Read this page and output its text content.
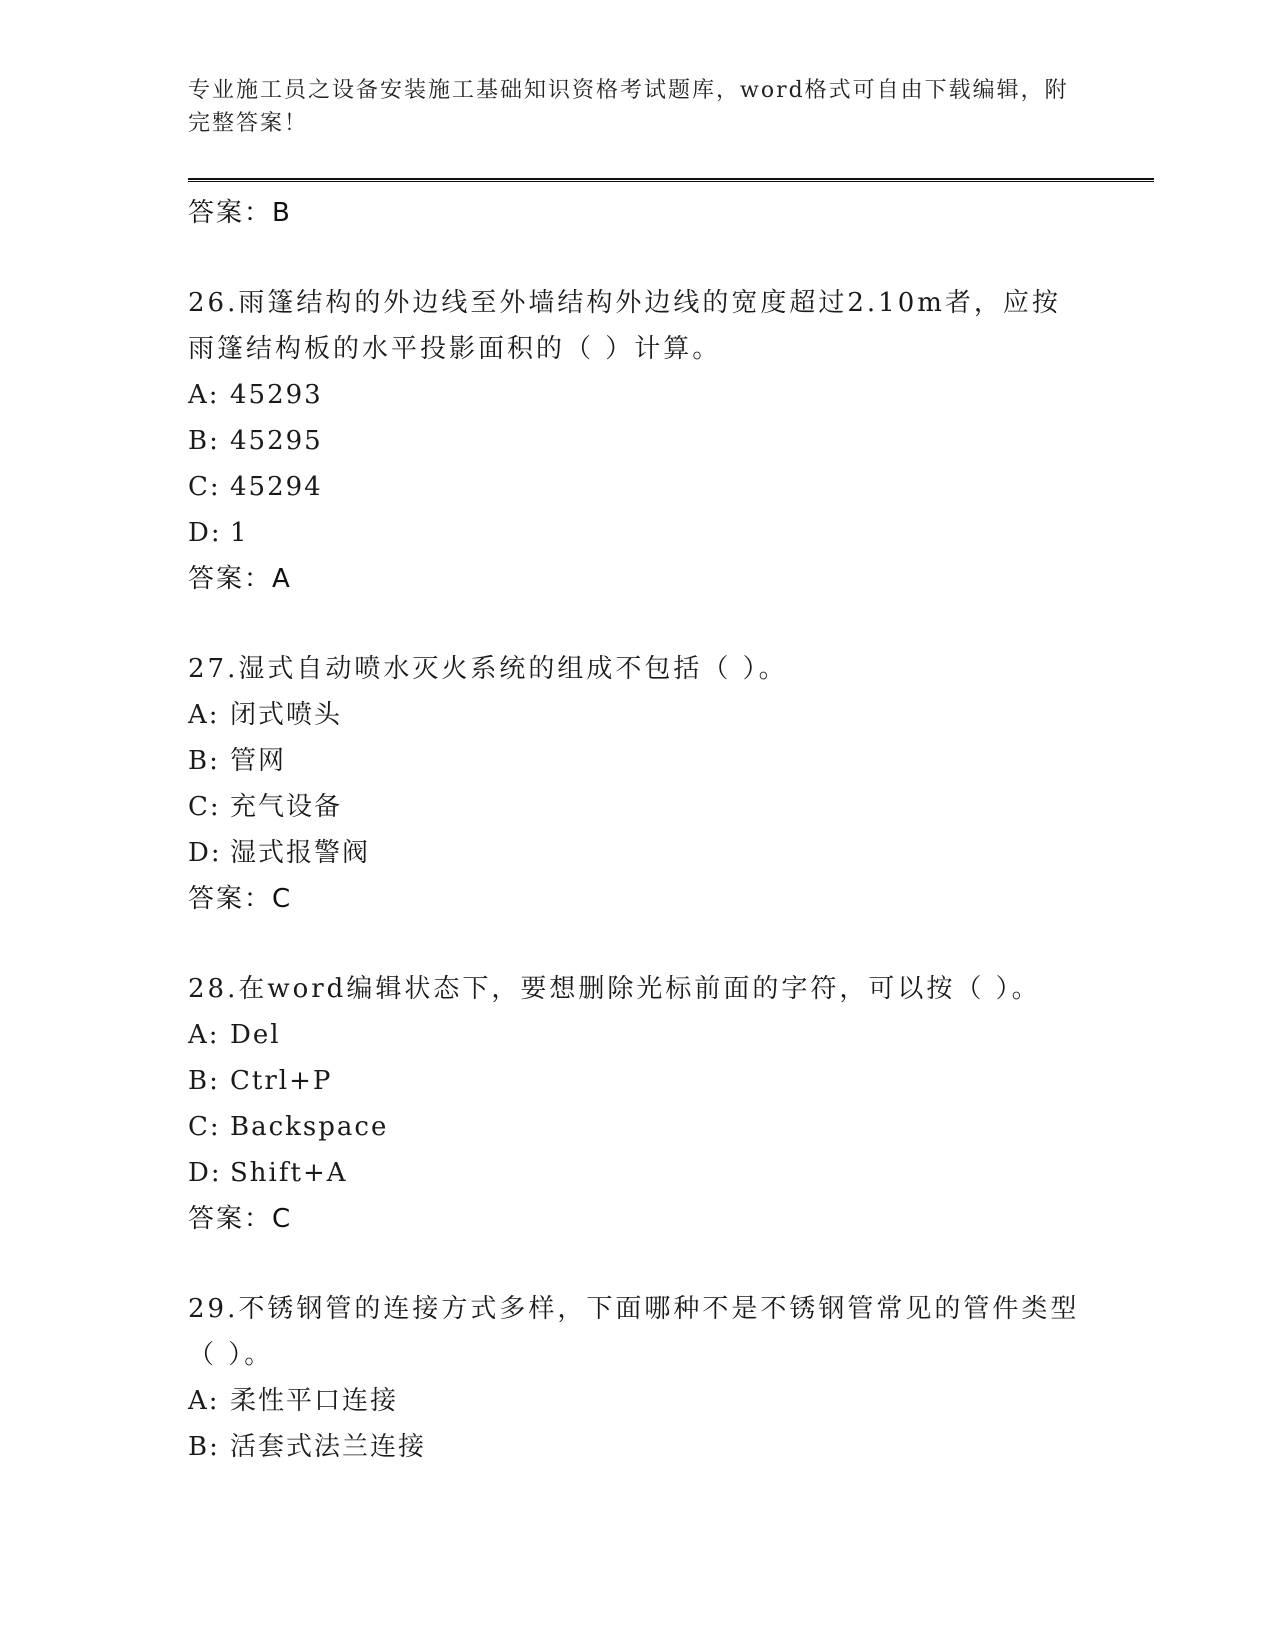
专业施工员之设备安装施工基础知识资格考试题库，word格式可自由下载编辑，附完整答案！
答案：B
26.雨篷结构的外边线至外墙结构外边线的宽度超过2.10m者，应按雨篷结构板的水平投影面积的（ ）计算。
A: 45293
B: 45295
C: 45294
D: 1
答案：A
27.湿式自动喷水灭火系统的组成不包括（ ）。
A: 闭式喷头
B: 管网
C: 充气设备
D: 湿式报警阀
答案：C
28.在word编辑状态下，要想删除光标前面的字符，可以按（ ）。
A: Del
B: Ctrl+P
C: Backspace
D: Shift+A
答案：C
29.不锈钢管的连接方式多样，下面哪种不是不锈钢管常见的管件类型（ ）。
A: 柔性平口连接
B: 活套式法兰连接
